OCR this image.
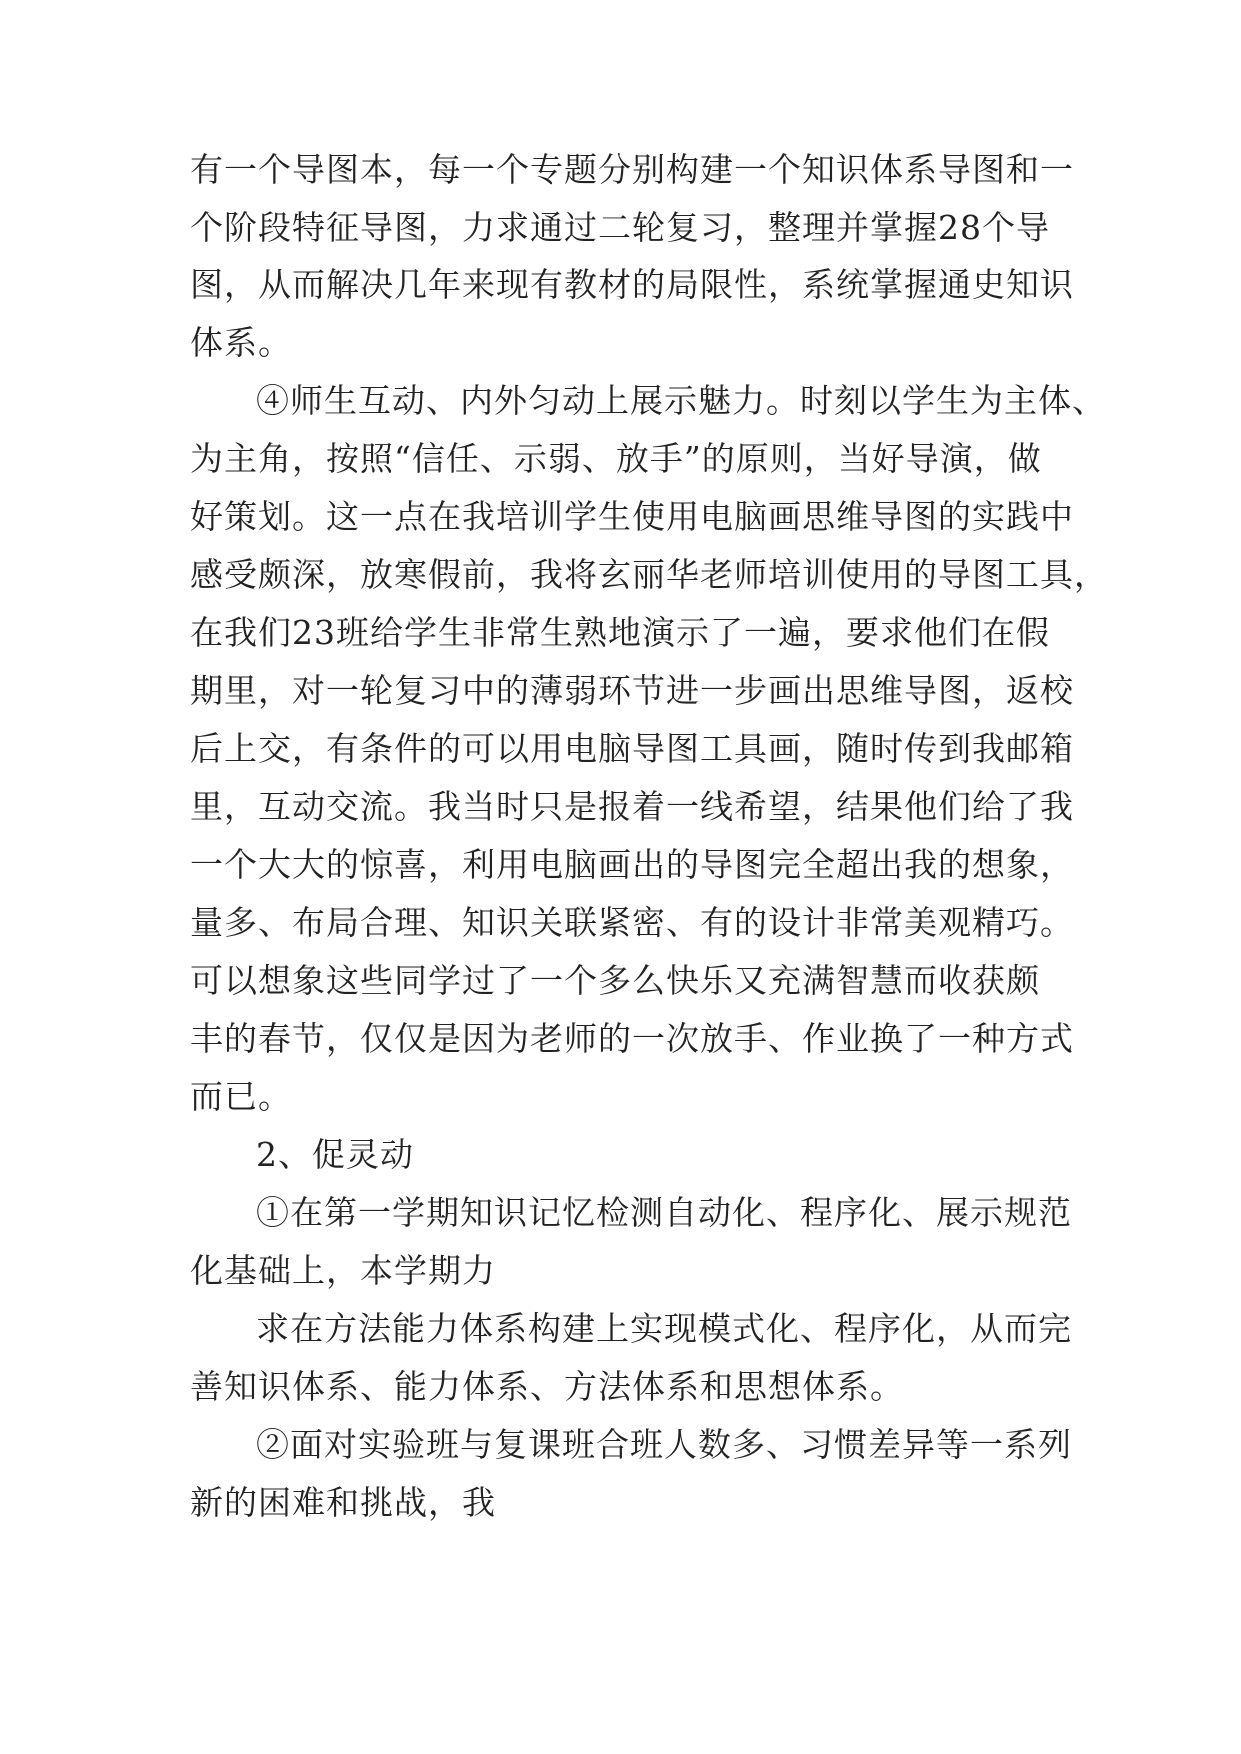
有一个导图本，每一个专题分别构建一个知识体系导图和一
个阶段特征导图，力求通过二轮复习，整理并掌握28个导
图，从而解决几年来现有教材的局限性，系统掌握通史知识
体系。
④师生互动、内外匀动上展示魅力。时刻以学生为主体、
为主角，按照“信任、示弱、放手”的原则，当好导演，做
好策划。这一点在我培训学生使用电脑画思维导图的实践中
感受颇深，放寒假前，我将玄丽华老师培训使用的导图工具，
在我们23班给学生非常生熟地演示了一遍，要求他们在假
期里，对一轮复习中的薄弱环节进一步画出思维导图，返校
后上交，有条件的可以用电脑导图工具画，随时传到我邮箱
里，互动交流。我当时只是报着一线希望，结果他们给了我
一个大大的惊喜，利用电脑画出的导图完全超出我的想象，
量多、布局合理、知识关联紧密、有的设计非常美观精巧。
可以想象这些同学过了一个多么快乐又充满智慧而收获颇
丰的春节，仅仅是因为老师的一次放手、作业换了一种方式
而已。
2、促灵动
①在第一学期知识记忆检测自动化、程序化、展示规范
化基础上，本学期力
求在方法能力体系构建上实现模式化、程序化，从而完
善知识体系、能力体系、方法体系和思想体系。
②面对实验班与复课班合班人数多、习惯差异等一系列
新的困难和挑战，我
